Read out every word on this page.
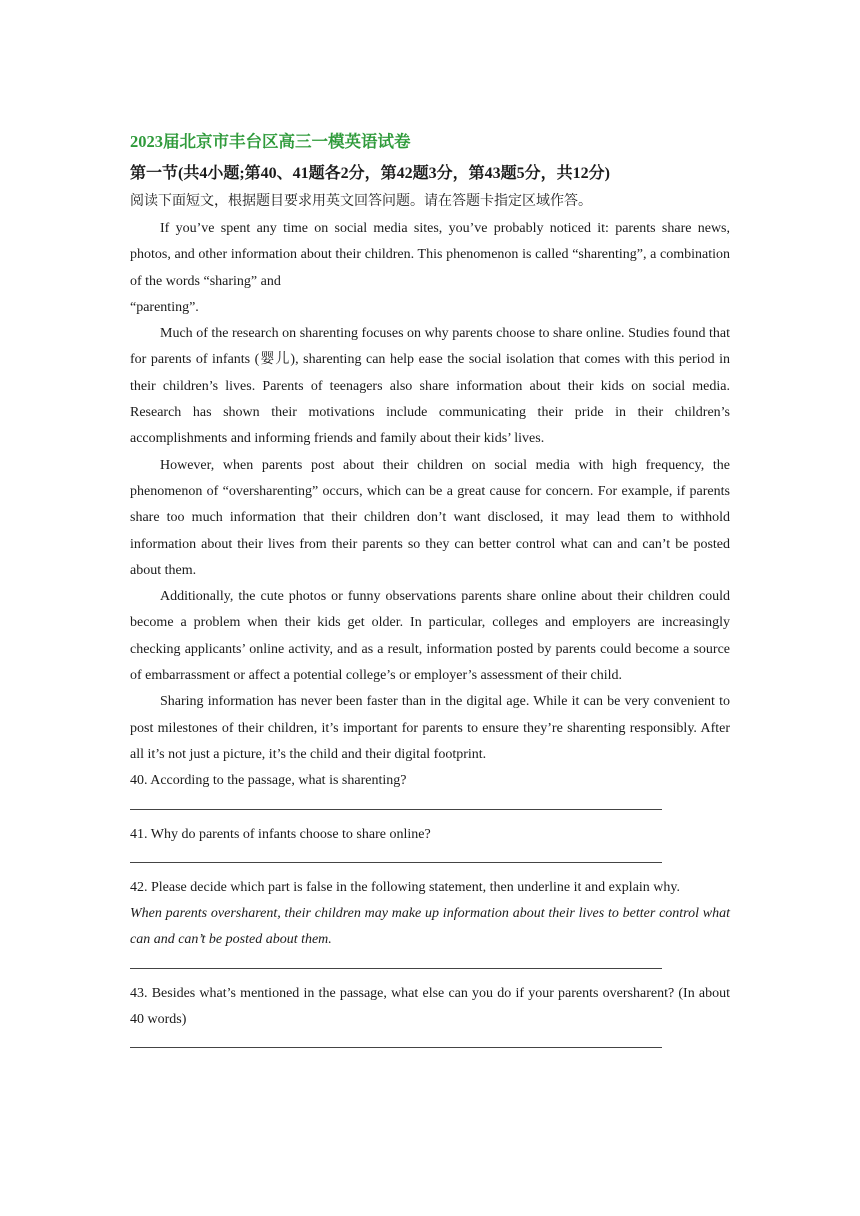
2023届北京市丰台区高三一模英语试卷
第一节(共4小题;第40、41题各2分，第42题3分，第43题5分，共12分)
阅读下面短文，根据题目要求用英文回答问题。请在答题卡指定区域作答。

If you’ve spent any time on social media sites, you’ve probably noticed it: parents share news, photos, and other information about their children. This phenomenon is called “sharenting”, a combination of the words “sharing” and

“parenting”.

Much of the research on sharenting focuses on why parents choose to share online. Studies found that for parents of infants (婴儿), sharenting can help ease the social isolation that comes with this period in their children’s lives. Parents of teenagers also share information about their kids on social media. Research has shown their motivations include communicating their pride in their children’s accomplishments and informing friends and family about their kids’ lives.

However, when parents post about their children on social media with high frequency, the phenomenon of “oversharenting” occurs, which can be a great cause for concern. For example, if parents share too much information that their children don’t want disclosed, it may lead them to withhold information about their lives from their parents so they can better control what can and can’t be posted about them.

Additionally, the cute photos or funny observations parents share online about their children could become a problem when their kids get older. In particular, colleges and employers are increasingly checking applicants’ online activity, and as a result, information posted by parents could become a source of embarrassment or affect a potential college’s or employer’s assessment of their child.

Sharing information has never been faster than in the digital age. While it can be very convenient to post milestones of their children, it’s important for parents to ensure they’re sharenting responsibly. After all it’s not just a picture, it’s the child and their digital footprint.

40. According to the passage, what is sharenting?

41. Why do parents of infants choose to share online?

42. Please decide which part is false in the following statement, then underline it and explain why.

When parents oversharent, their children may make up information about their lives to better control what can and can’t be posted about them.

43. Besides what’s mentioned in the passage, what else can you do if your parents oversharent? (In about 40 words)
